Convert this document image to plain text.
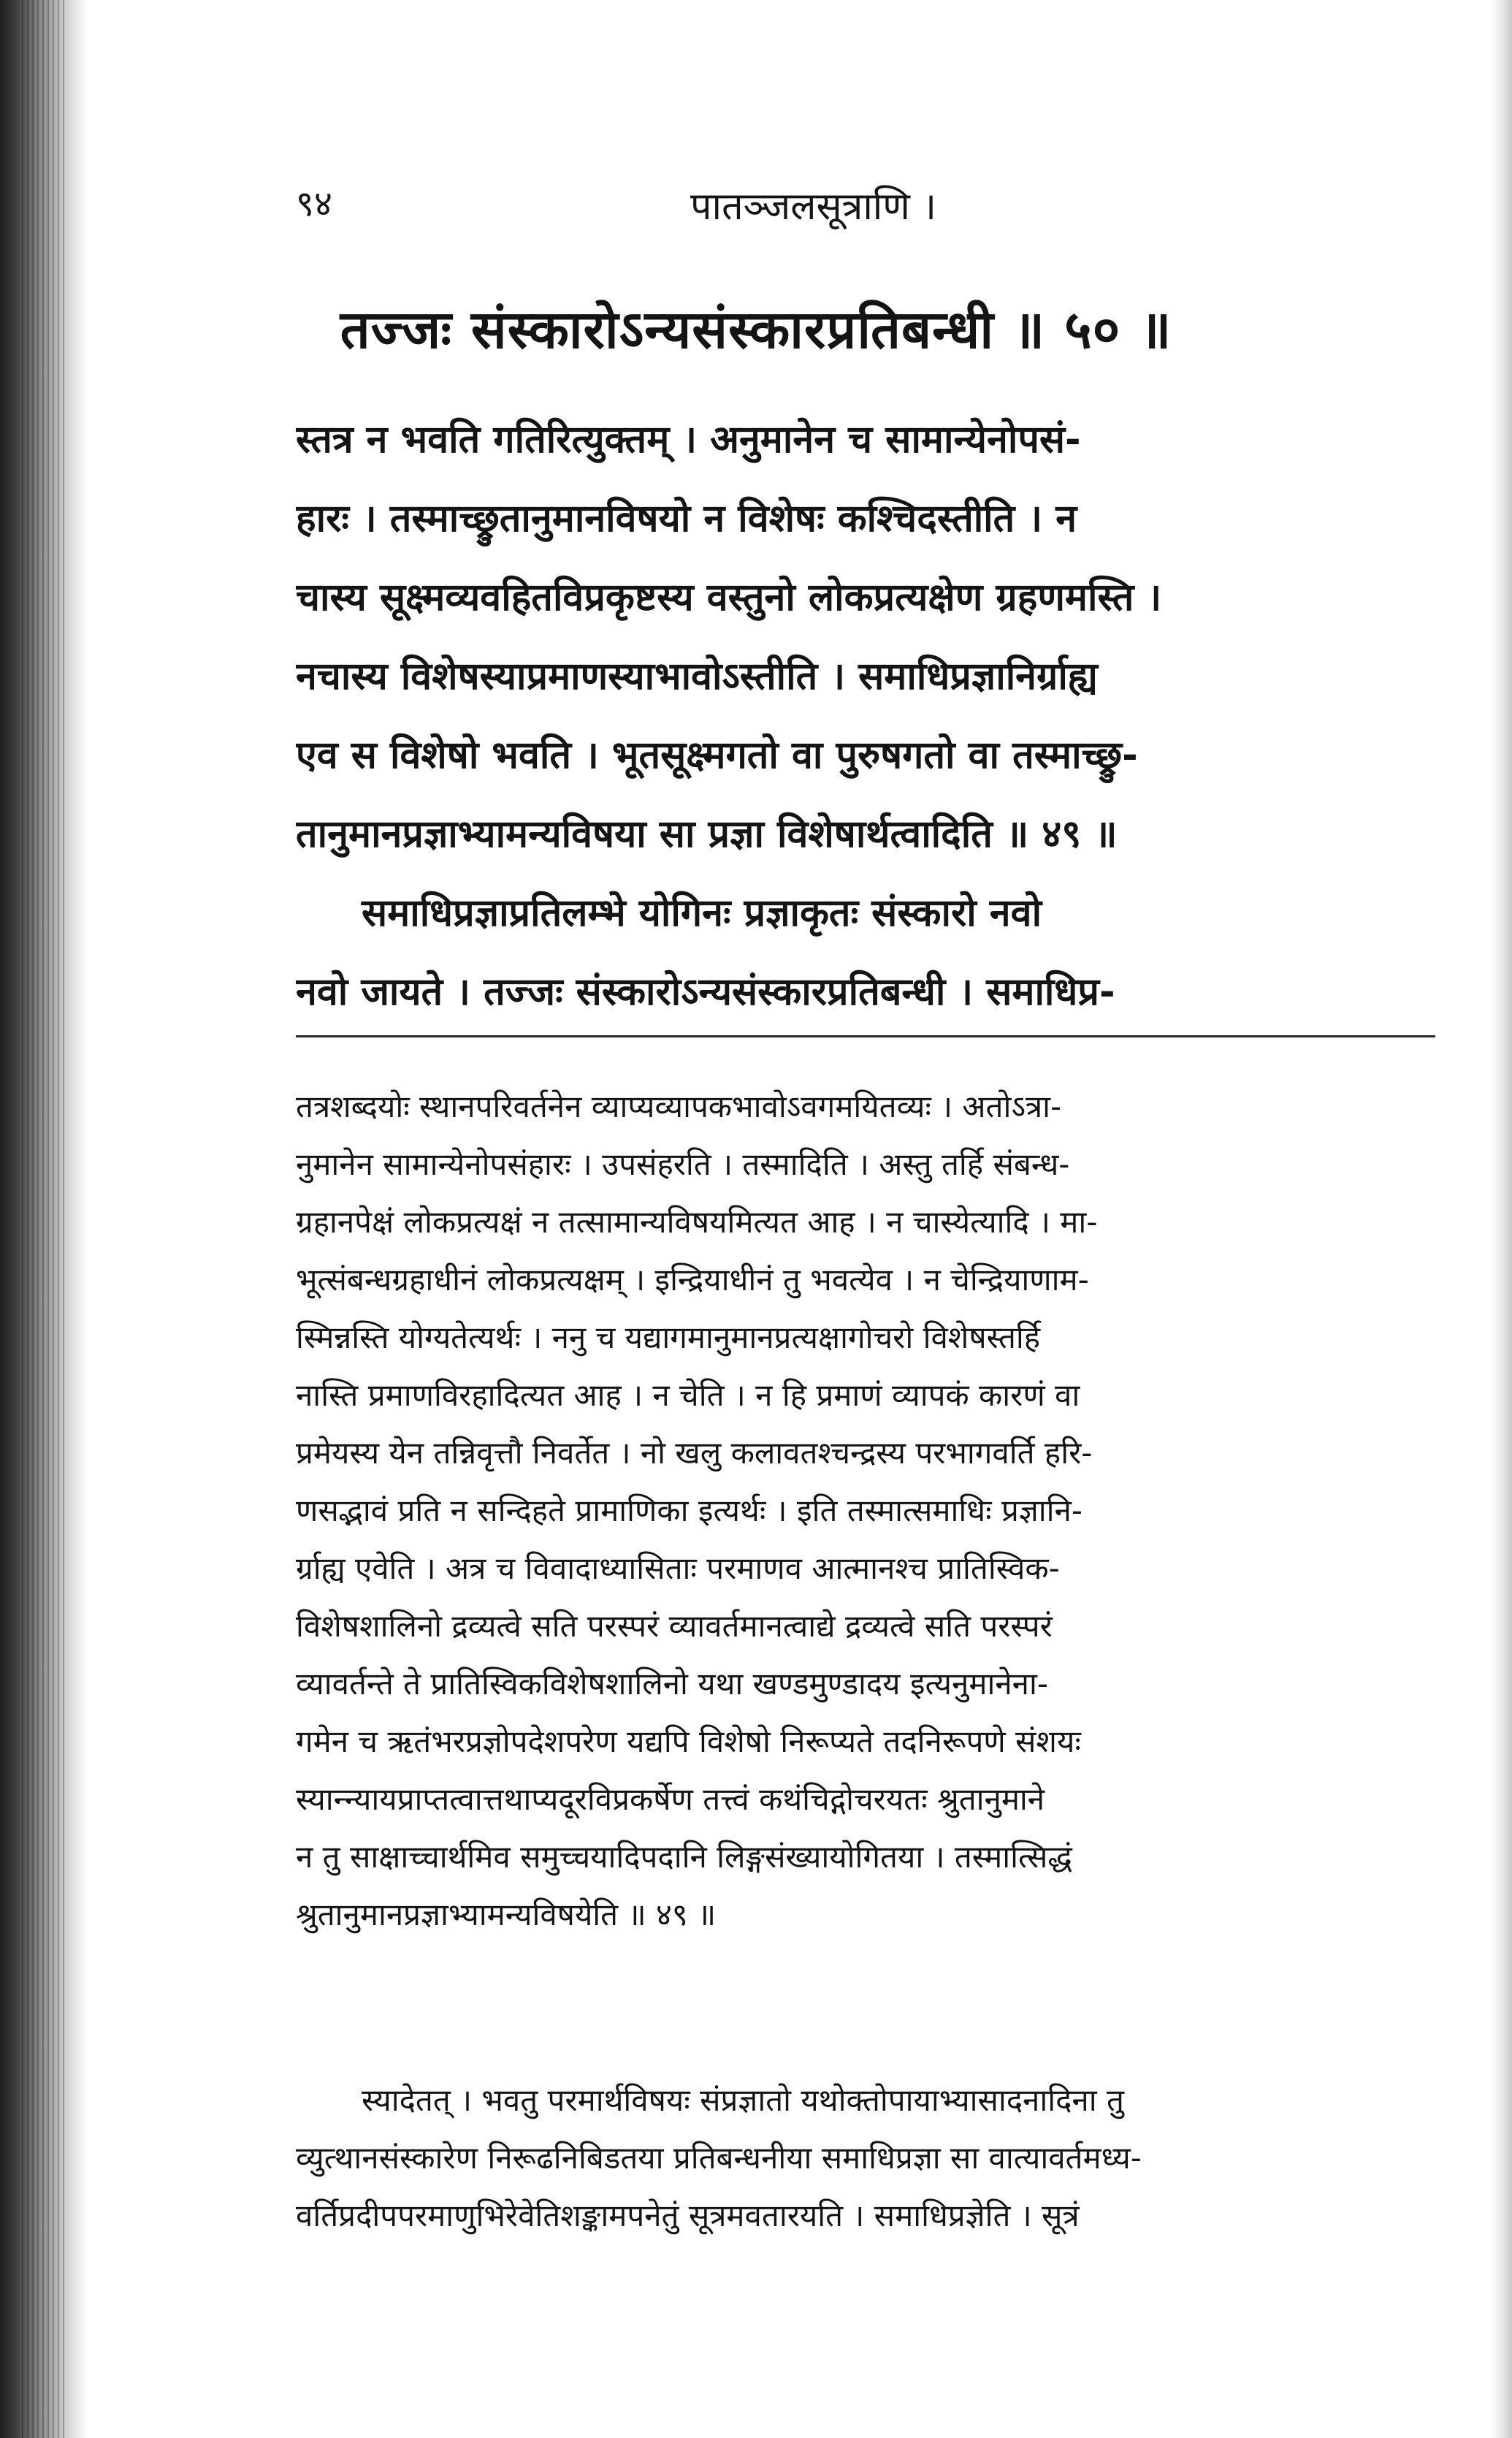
९४	पातञ्जलसूत्राणि ।
तज्जः संस्कारोऽन्यसंस्कारप्रतिबन्धी ॥ ५० ॥
स्तत्र न भवति गतिरित्युक्तम् । अनुमानेन च सामान्येनोपसं-
हारः । तस्माच्छ्रुतानुमानविषयो न विशेषः कश्चिदस्तीति । न
चास्य सूक्ष्मव्यवहितविप्रकृष्टस्य वस्तुनो लोकप्रत्यक्षेण ग्रहणमस्ति ।
नचास्य विशेषस्याप्रमाणस्याभावोऽस्तीति । समाधिप्रज्ञानिर्ग्राह्य
एव स विशेषो भवति । भूतसूक्ष्मगतो वा पुरुषगतो वा तस्माच्छ्रु-
तानुमानप्रज्ञाभ्यामन्यविषया सा प्रज्ञा विशेषार्थत्वादिति ॥ ४९ ॥
समाधिप्रज्ञाप्रतिलम्भे योगिनः प्रज्ञाकृतः संस्कारो नवो
नवो जायते । तज्जः संस्कारोऽन्यसंस्कारप्रतिबन्धी । समाधिप्र-
तत्रशब्दयोः स्थानपरिवर्तनेन व्याप्यव्यापकभावोऽवगमयितव्यः । अतोऽत्रा-
नुमानेन सामान्येनोपसंहारः । उपसंहरति । तस्मादिति । अस्तु तर्हि संबन्ध-
ग्रहानपेक्षं लोकप्रत्यक्षं न तत्सामान्यविषयमित्यत आह । न चास्येत्यादि । मा-
भूत्संबन्धग्रहाधीनं लोकप्रत्यक्षम् । इन्द्रियाधीनं तु भवत्येव । न चेन्द्रियाणाम-
स्मिन्नस्ति योग्यतेत्यर्थः । ननु च यद्यागमानुमानप्रत्यक्षागोचरो विशेषस्तर्हि
नास्ति प्रमाणविरहादित्यत आह । न चेति । न हि प्रमाणं व्यापकं कारणं वा
प्रमेयस्य येन तन्निवृत्तौ निवर्तेत । नो खलु कलावतश्चन्द्रस्य परभागवर्ति हरि-
णसद्भावं प्रति न सन्दिहते प्रामाणिका इत्यर्थः । इति तस्मात्समाधिः प्रज्ञानि-
र्ग्राह्य एवेति । अत्र च विवादाध्यासिताः परमाणव आत्मानश्च प्रातिस्विक-
विशेषशालिनो द्रव्यत्वे सति परस्परं व्यावर्तमानत्वाद्ये द्रव्यत्वे सति परस्परं
व्यावर्तन्ते ते प्रातिस्विकविशेषशालिनो यथा खण्डमुण्डादय इत्यनुमानेना-
गमेन च ऋतंभरप्रज्ञोपदेशपरेण यद्यपि विशेषो निरूप्यते तदनिरूपणे संशयः
स्यान्न्यायप्राप्तत्वात्तथाप्यदूरविप्रकर्षेण तत्त्वं कथंचिद्गोचरयतः श्रुतानुमाने
न तु साक्षाच्चार्थमिव समुच्चयादिपदानि लिङ्गसंख्यायोगितया । तस्मात्सिद्धं
श्रुतानुमानप्रज्ञाभ्यामन्यविषयेति ॥ ४९ ॥
स्यादेतत् । भवतु परमार्थविषयः संप्रज्ञातो यथोक्तोपायाभ्यासादनादिना तु
व्युत्थानसंस्कारेण निरूढनिबिडतया प्रतिबन्धनीया समाधिप्रज्ञा सा वात्यावर्तमध्य-
वर्तिप्रदीपपरमाणुभिरेवेतिशङ्कामपनेतुं सूत्रमवतारयति । समाधिप्रज्ञेति । सूत्रं
